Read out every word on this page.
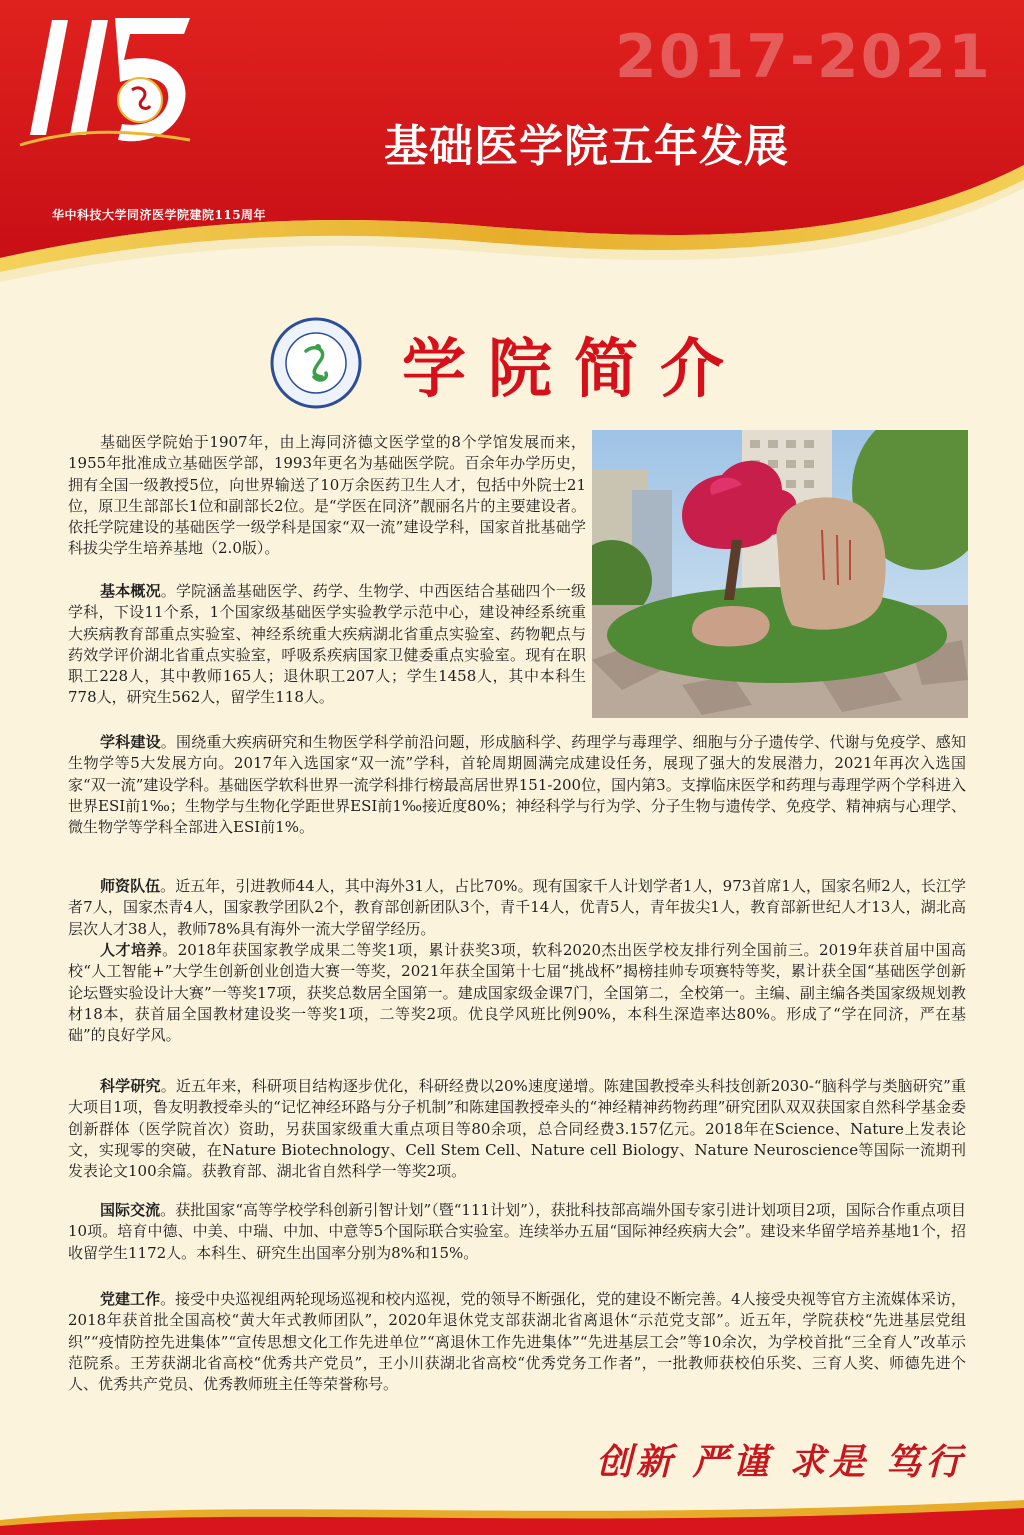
华中科技大学同济医学院建院115周年
2017-2021
基础医学院五年发展
学院简介

基础医学院始于1907年，由上海同济德文医学堂的8个学馆发展而来，1955年批准成立基础医学部，1993年更名为基础医学院。百余年办学历史，拥有全国一级教授5位，向世界输送了10万余医药卫生人才，包括中外院士21位，原卫生部部长1位和副部长2位。是“学医在同济”靓丽名片的主要建设者。依托学院建设的基础医学一级学科是国家“双一流”建设学科，国家首批基础学科拔尖学生培养基地（2.0版）。

基本概况。学院涵盖基础医学、药学、生物学、中西医结合基础四个一级学科，下设11个系，1个国家级基础医学实验教学示范中心，建设神经系统重大疾病教育部重点实验室、神经系统重大疾病湖北省重点实验室、药物靶点与药效学评价湖北省重点实验室，呼吸系疾病国家卫健委重点实验室。现有在职职工228人，其中教师165人；退休职工207人；学生1458人，其中本科生778人，研究生562人，留学生118人。

学科建设。围绕重大疾病研究和生物医学科学前沿问题，形成脑科学、药理学与毒理学、细胞与分子遗传学、代谢与免疫学、感知生物学等5大发展方向。2017年入选国家“双一流”学科，首轮周期圆满完成建设任务，展现了强大的发展潜力，2021年再次入选国家“双一流”建设学科。基础医学软科世界一流学科排行榜最高居世界151-200位，国内第3。支撑临床医学和药理与毒理学两个学科进入世界ESI前1‰；生物学与生物化学距世界ESI前1‰接近度80%；神经科学与行为学、分子生物与遗传学、免疫学、精神病与心理学、微生物学等学科全部进入ESI前1%。

师资队伍。近五年，引进教师44人，其中海外31人，占比70%。现有国家千人计划学者1人，973首席1人，国家名师2人，长江学者7人，国家杰青4人，国家教学团队2个，教育部创新团队3个，青千14人，优青5人，青年拔尖1人，教育部新世纪人才13人，湖北高层次人才38人，教师78%具有海外一流大学留学经历。

人才培养。2018年获国家教学成果二等奖1项，累计获奖3项，软科2020杰出医学校友排行列全国前三。2019年获首届中国高校“人工智能+”大学生创新创业创造大赛一等奖，2021年获全国第十七届“挑战杯”揭榜挂帅专项赛特等奖，累计获全国“基础医学创新论坛暨实验设计大赛”一等奖17项，获奖总数居全国第一。建成国家级金课7门，全国第二，全校第一。主编、副主编各类国家级规划教材18本，获首届全国教材建设奖一等奖1项，二等奖2项。优良学风班比例90%，本科生深造率达80%。形成了“学在同济，严在基础”的良好学风。

科学研究。近五年来，科研项目结构逐步优化，科研经费以20%速度递增。陈建国教授牵头科技创新2030-“脑科学与类脑研究”重大项目1项，鲁友明教授牵头的“记忆神经环路与分子机制”和陈建国教授牵头的“神经精神药物药理”研究团队双双获国家自然科学基金委创新群体（医学院首次）资助，另获国家级重大重点项目等80余项，总合同经费3.157亿元。2018年在Science、Nature上发表论文，实现零的突破，在Nature Biotechnology、Cell Stem Cell、Nature cell Biology、Nature Neuroscience等国际一流期刊发表论文100余篇。获教育部、湖北省自然科学一等奖2项。

国际交流。获批国家“高等学校学科创新引智计划”（暨“111计划”），获批科技部高端外国专家引进计划项目2项，国际合作重点项目10项。培育中德、中美、中瑞、中加、中意等5个国际联合实验室。连续举办五届“国际神经疾病大会”。建设来华留学培养基地1个，招收留学生1172人。本科生、研究生出国率分别为8%和15%。

党建工作。接受中央巡视组两轮现场巡视和校内巡视，党的领导不断强化，党的建设不断完善。4人接受央视等官方主流媒体采访，2018年获首批全国高校“黄大年式教师团队”，2020年退休党支部获湖北省离退休“示范党支部”。近五年，学院获校“先进基层党组织”“疫情防控先进集体”“宣传思想文化工作先进单位”“离退休工作先进集体”“先进基层工会”等10余次，为学校首批“三全育人”改革示范院系。王芳获湖北省高校“优秀共产党员”，王小川获湖北省高校“优秀党务工作者”，一批教师获校伯乐奖、三育人奖、师德先进个人、优秀共产党员、优秀教师班主任等荣誉称号。

创新 严谨 求是 笃行
